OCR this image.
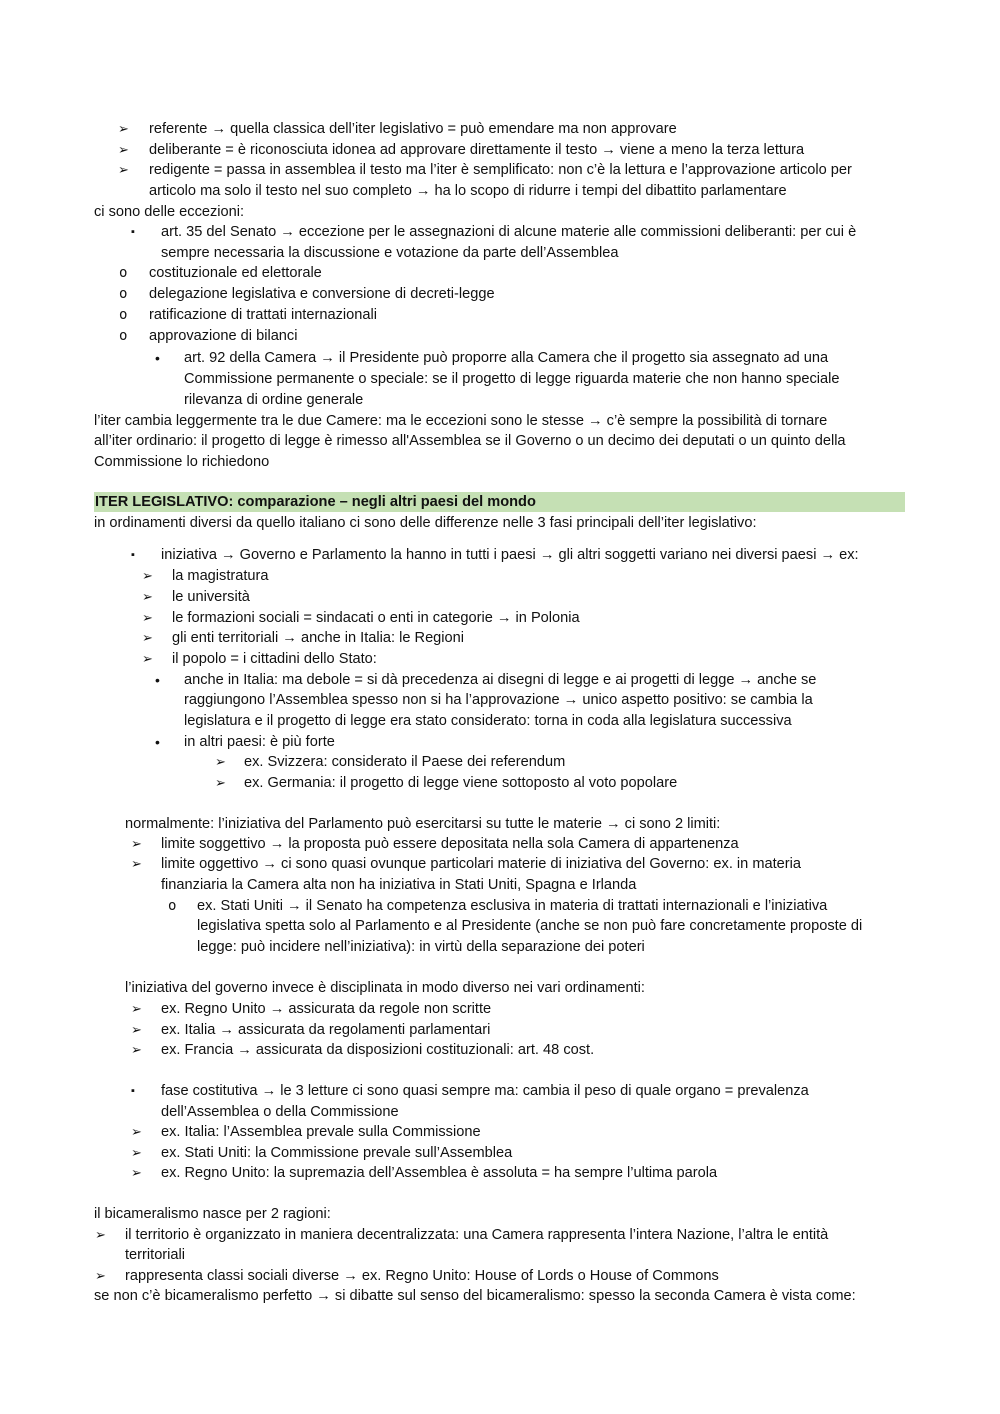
➢ referente → quella classica dell’iter legislativo = può emendare ma non approvare
➢ deliberante = è riconosciuta idonea ad approvare direttamente il testo → viene a meno la terza lettura
➢ redigente = passa in assemblea il testo ma l’iter è semplificato: non c’è la lettura e l’approvazione articolo per
articolo ma solo il testo nel suo completo → ha lo scopo di ridurre i tempi del dibattito parlamentare
ci sono delle eccezioni:
▪ art. 35 del Senato → eccezione per le assegnazioni di alcune materie alle commissioni deliberanti: per cui è
sempre necessaria la discussione e votazione da parte dell’Assemblea
o costituzionale ed elettorale
o delegazione legislativa e conversione di decreti-legge
o ratificazione di trattati internazionali
o approvazione di bilanci
• art. 92 della Camera → il Presidente può proporre alla Camera che il progetto sia assegnato ad una
Commissione permanente o speciale: se il progetto di legge riguarda materie che non hanno speciale
rilevanza di ordine generale
l’iter cambia leggermente tra le due Camere: ma le eccezioni sono le stesse → c’è sempre la possibilità di tornare
all’iter ordinario: il progetto di legge è rimesso all'Assemblea se il Governo o un decimo dei deputati o un quinto della
Commissione lo richiedono
in ordinamenti diversi da quello italiano ci sono delle differenze nelle 3 fasi principali dell’iter legislativo:
▪ iniziativa → Governo e Parlamento la hanno in tutti i paesi → gli altri soggetti variano nei diversi paesi → ex:
➢ la magistratura
➢ le università
➢ le formazioni sociali = sindacati o enti in categorie → in Polonia
➢ gli enti territoriali → anche in Italia: le Regioni
➢ il popolo = i cittadini dello Stato:
• anche in Italia: ma debole = si dà precedenza ai disegni di legge e ai progetti di legge → anche se
raggiungono l’Assemblea spesso non si ha l’approvazione → unico aspetto positivo: se cambia la
legislatura e il progetto di legge era stato considerato: torna in coda alla legislatura successiva
• in altri paesi: è più forte
➢ ex. Svizzera: considerato il Paese dei referendum
➢ ex. Germania: il progetto di legge viene sottoposto al voto popolare
normalmente: l’iniziativa del Parlamento può esercitarsi su tutte le materie → ci sono 2 limiti:
➢ limite soggettivo → la proposta può essere depositata nella sola Camera di appartenenza
➢ limite oggettivo → ci sono quasi ovunque particolari materie di iniziativa del Governo: ex. in materia
finanziaria la Camera alta non ha iniziativa in Stati Uniti, Spagna e Irlanda
o ex. Stati Uniti → il Senato ha competenza esclusiva in materia di trattati internazionali e l’iniziativa
legislativa spetta solo al Parlamento e al Presidente (anche se non può fare concretamente proposte di
legge: può incidere nell’iniziativa): in virtù della separazione dei poteri
l’iniziativa del governo invece è disciplinata in modo diverso nei vari ordinamenti:
➢ ex. Regno Unito → assicurata da regole non scritte
➢ ex. Italia → assicurata da regolamenti parlamentari
➢ ex. Francia → assicurata da disposizioni costituzionali: art. 48 cost.
▪ fase costitutiva → le 3 letture ci sono quasi sempre ma: cambia il peso di quale organo = prevalenza
dell’Assemblea o della Commissione
➢ ex. Italia: l’Assemblea prevale sulla Commissione
➢ ex. Stati Uniti: la Commissione prevale sull’Assemblea
➢ ex. Regno Unito: la supremazia dell’Assemblea è assoluta = ha sempre l’ultima parola
il bicameralismo nasce per 2 ragioni:
➢ il territorio è organizzato in maniera decentralizzata: una Camera rappresenta l’intera Nazione, l’altra le entità
territoriali
➢ rappresenta classi sociali diverse → ex. Regno Unito: House of Lords o House of Commons
se non c’è bicameralismo perfetto → si dibatte sul senso del bicameralismo: spesso la seconda Camera è vista come:
ITER LEGISLATIVO: comparazione – negli altri paesi del mondo
